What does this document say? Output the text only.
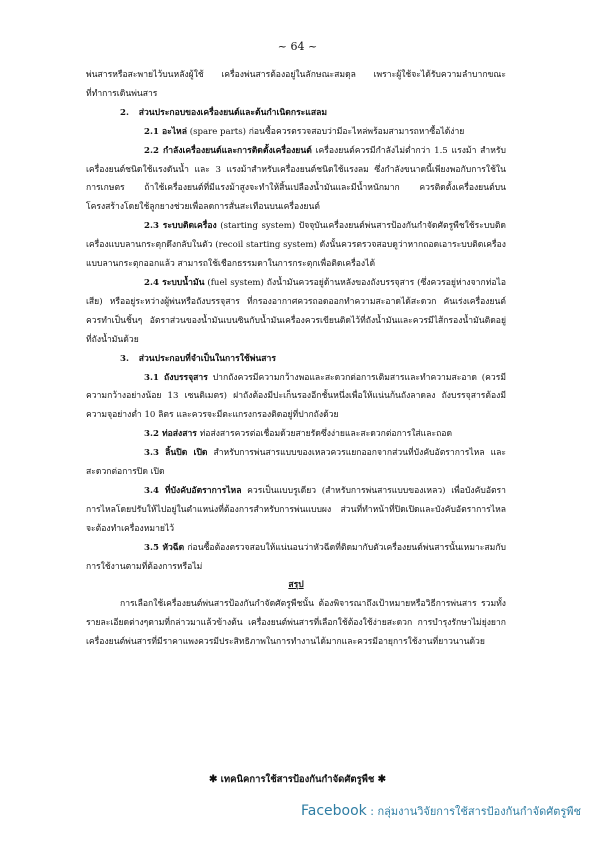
~ 64 ~

พ่นสารหรือสะพายไว้บนหลังผู้ใช้ เครื่องพ่นสารต้องอยู่ในลักษณะสมดุล เพราะผู้ใช้จะได้รับความลำบากขณะที่ทำการเดินพ่นสาร

2. ส่วนประกอบของเครื่องยนต์และต้นกำเนิดกระแสลม

2.1 อะไหล่ (spare parts) ก่อนซื้อควรตรวจสอบว่ามีอะไหล่พร้อมสามารถหาซื้อได้ง่าย

2.2 กำลังเครื่องยนต์และการติดตั้งเครื่องยนต์ เครื่องยนต์ควรมีกำลังไม่ต่ำกว่า 1.5 แรงม้า สำหรับเครื่องยนต์ชนิดใช้แรงดันน้ำ และ 3 แรงม้าสำหรับเครื่องยนต์ชนิดใช้แรงลม ซึ่งกำลังขนาดนี้เพียงพอกับการใช้ในการเกษตร ถ้าใช้เครื่องยนต์ที่มีแรงม้าสูงจะทำให้สิ้นเปลืองน้ำมันและมีน้ำหนักมาก ควรติดตั้งเครื่องยนต์บนโครงสร้างโดยใช้ลูกยางช่วยเพื่อลดการสั่นสะเทือนบนเครื่องยนต์

2.3 ระบบติดเครื่อง (starting system) ปัจจุบันเครื่องยนต์พ่นสารป้องกันกำจัดศัตรูพืชใช้ระบบติดเครื่องแบบลานกระตุกดึงกลับในตัว (recoil starting system) ดังนั้นควรตรวจสอบดูว่าหากถอดเอาระบบติดเครื่องแบบลานกระตุกออกแล้ว สามารถใช้เชือกธรรมดาในการกระตุกเพื่อติดเครื่องได้

2.4 ระบบน้ำมัน (fuel system) ถังน้ำมันควรอยู่ด้านหลังของถังบรรจุสาร (ซึ่งควรอยู่ห่างจากท่อไอเสีย) หรืออยู่ระหว่างผู้พ่นหรือถังบรรจุสาร ที่กรองอากาศควรถอดออกทำความสะอาดได้สะดวก คันเร่งเครื่องยนต์ควรทำเป็นชิ้นๆ อัตราส่วนของน้ำมันเบนซินกับน้ำมันเครื่องควรเขียนติดไว้ที่ถังน้ำมันและควรมีไส้กรองน้ำมันติดอยู่ที่ถังน้ำมันด้วย

3. ส่วนประกอบที่จำเป็นในการใช้พ่นสาร

3.1 ถังบรรจุสาร ปากถังควรมีความกว้างพอและสะดวกต่อการเติมสารและทำความสะอาด (ควรมีความกว้างอย่างน้อย 13 เซนติเมตร) ฝาถังต้องมีปะเก็นรองอีกชั้นหนึ่งเพื่อให้แน่นก้นถังลาดลง ถังบรรจุสารต้องมีความจุอย่างต่ำ 10 ลิตร และควรจะมีตะแกรงกรองติดอยู่ที่ปากถังด้วย

3.2 ท่อส่งสาร ท่อส่งสารควรต่อเชื่อมด้วยสายรัดซึ่งง่ายและสะดวกต่อการใส่และถอด

3.3 ลิ้นปิด เปิด สำหรับการพ่นสารแบบของเหลวควรแยกออกจากส่วนที่บังคับอัตราการไหล และสะดวกต่อการปิด เปิด

3.4 ที่บังคับอัตราการไหล ควรเป็นแบบรูเดียว (สำหรับการพ่นสารแบบของเหลว) เพื่อบังคับอัตราการไหลโดยปรับให้ไปอยู่ในตำแหน่งที่ต้องการสำหรับการพ่นแบบผง ส่วนที่ทำหน้าที่ปิดเปิดและบังคับอัตราการไหลจะต้องทำเครื่องหมายไว้

3.5 หัวฉีด ก่อนซื้อต้องตรวจสอบให้แน่นอนว่าหัวฉีดที่ติดมากับตัวเครื่องยนต์พ่นสารนั้นเหมาะสมกับการใช้งานตามที่ต้องการหรือไม่

สรุป

การเลือกใช้เครื่องยนต์พ่นสารป้องกันกำจัดศัตรูพืชนั้น ต้องพิจารณาถึงเป้าหมายหรือวิธีการพ่นสาร รวมทั้งรายละเอียดต่างๆตามที่กล่าวมาแล้วข้างต้น เครื่องยนต์พ่นสารที่เลือกใช้ต้องใช้ง่ายสะดวก การบำรุงรักษาไม่ยุ่งยาก เครื่องยนต์พ่นสารที่มีราคาแพงควรมีประสิทธิภาพในการทำงานได้มากและควรมีอายุการใช้งานที่ยาวนานด้วย

✱ เทคนิคการใช้สารป้องกันกำจัดศัตรูพืช ✱
Facebook : กลุ่มงานวิจัยการใช้สารป้องกันกำจัดศัตรูพืช
